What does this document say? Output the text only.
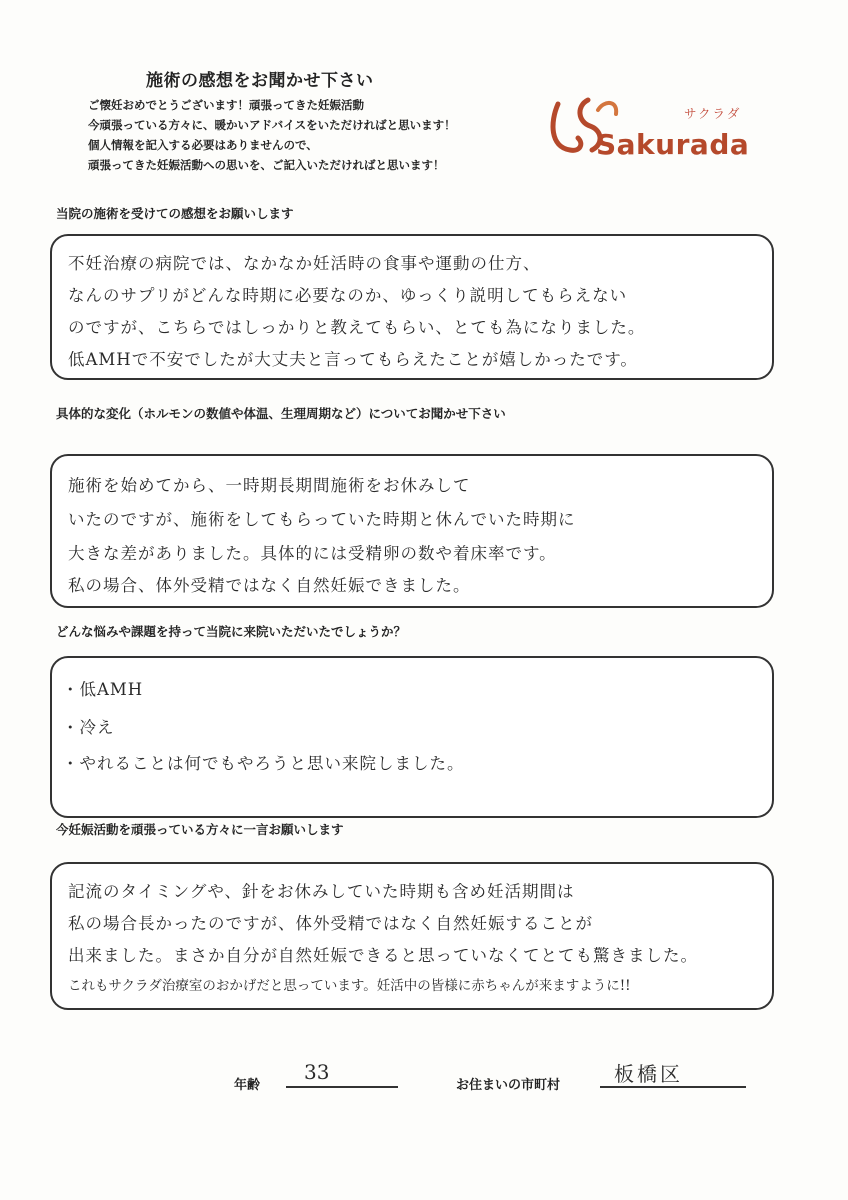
施術の感想をお聞かせ下さい
ご懐妊おめでとうございます！頑張ってきた妊娠活動
今頑張っている方々に、暖かいアドバイスをいただければと思います！
個人情報を記入する必要はありませんので、
頑張ってきた妊娠活動への思いを、ご記入いただければと思います！
サクラダ
Sakurada
当院の施術を受けての感想をお願いします
不妊治療の病院では、なかなか妊活時の食事や運動の仕方、
なんのサプリがどんな時期に必要なのか、ゆっくり説明してもらえない
のですが、こちらではしっかりと教えてもらい、とても為になりました。
低AMHで不安でしたが大丈夫と言ってもらえたことが嬉しかったです。
具体的な変化（ホルモンの数値や体温、生理周期など）についてお聞かせ下さい
施術を始めてから、一時期長期間施術をお休みして
いたのですが、施術をしてもらっていた時期と休んでいた時期に
大きな差がありました。具体的には受精卵の数や着床率です。
私の場合、体外受精ではなく自然妊娠できました。
どんな悩みや課題を持って当院に来院いただいたでしょうか？
・低AMH
・冷え
・やれることは何でもやろうと思い来院しました。
今妊娠活動を頑張っている方々に一言お願いします
記流のタイミングや、針をお休みしていた時期も含め妊活期間は
私の場合長かったのですが、体外受精ではなく自然妊娠することが
出来ました。まさか自分が自然妊娠できると思っていなくてとても驚きました。
これもサクラダ治療室のおかげだと思っています。妊活中の皆様に赤ちゃんが来ますように!!
年齢
33
お住まいの市町村	板橋区
